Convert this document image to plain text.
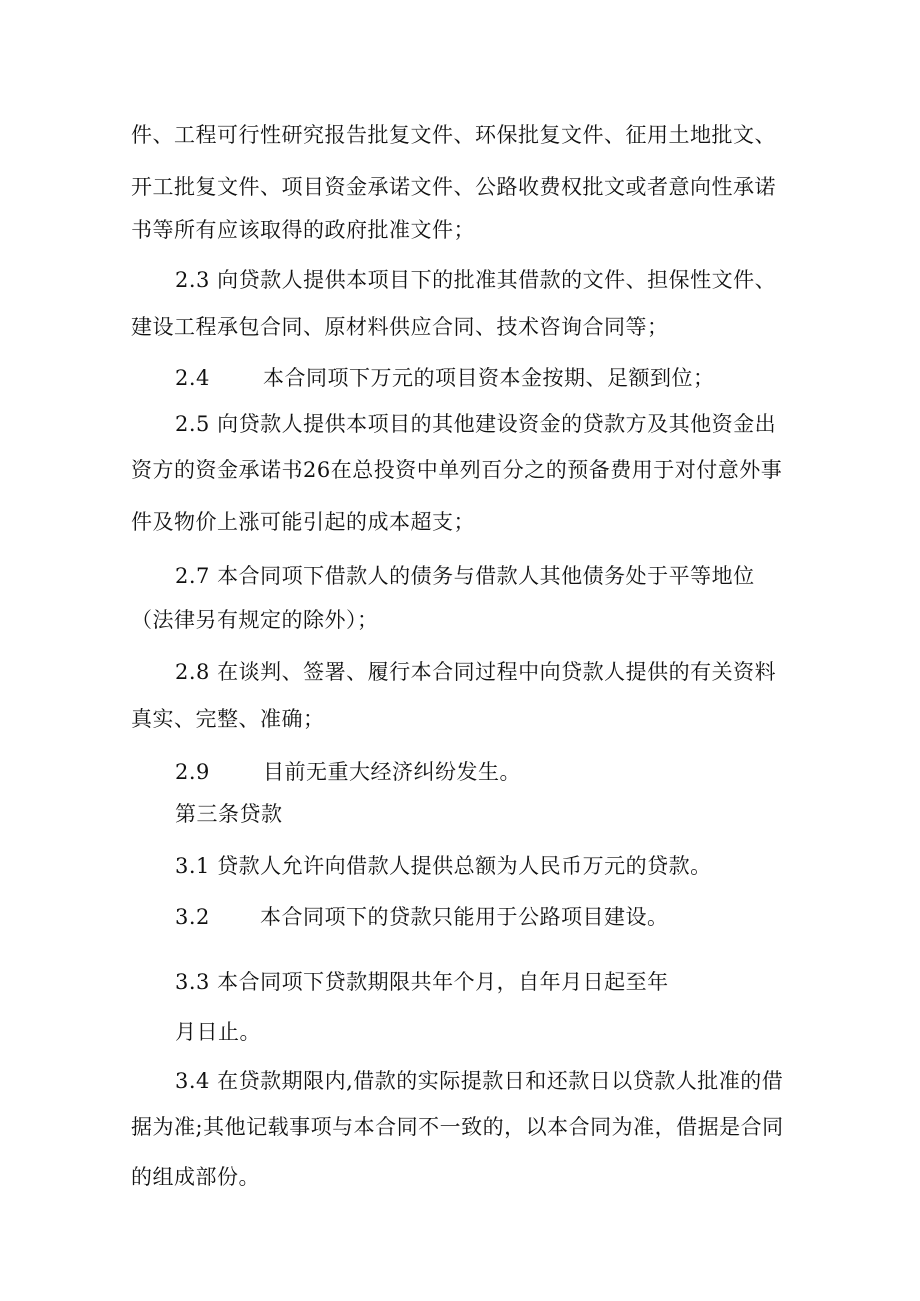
件、工程可行性研究报告批复文件、环保批复文件、征用土地批文、
开工批复文件、项目资金承诺文件、公路收费权批文或者意向性承诺
书等所有应该取得的政府批准文件；
2.3 向贷款人提供本项目下的批准其借款的文件、担保性文件、
建设工程承包合同、原材料供应合同、技术咨询合同等；
2.4	本合同项下万元的项目资本金按期、足额到位；
2.5 向贷款人提供本项目的其他建设资金的贷款方及其他资金出
资方的资金承诺书26在总投资中单列百分之的预备费用于对付意外事
件及物价上涨可能引起的成本超支；
2.7 本合同项下借款人的债务与借款人其他债务处于平等地位
（法律另有规定的除外）；
2.8 在谈判、签署、履行本合同过程中向贷款人提供的有关资料
真实、完整、准确；
2.9	目前无重大经济纠纷发生。
第三条贷款
3.1 贷款人允许向借款人提供总额为人民币万元的贷款。
3.2 本合同项下的贷款只能用于公路项目建设。
3.3 本合同项下贷款期限共年个月，自年月日起至年
月日止。
3.4 在贷款期限内,借款的实际提款日和还款日以贷款人批准的借
据为准;其他记载事项与本合同不一致的，以本合同为准，借据是合同
的组成部份。
